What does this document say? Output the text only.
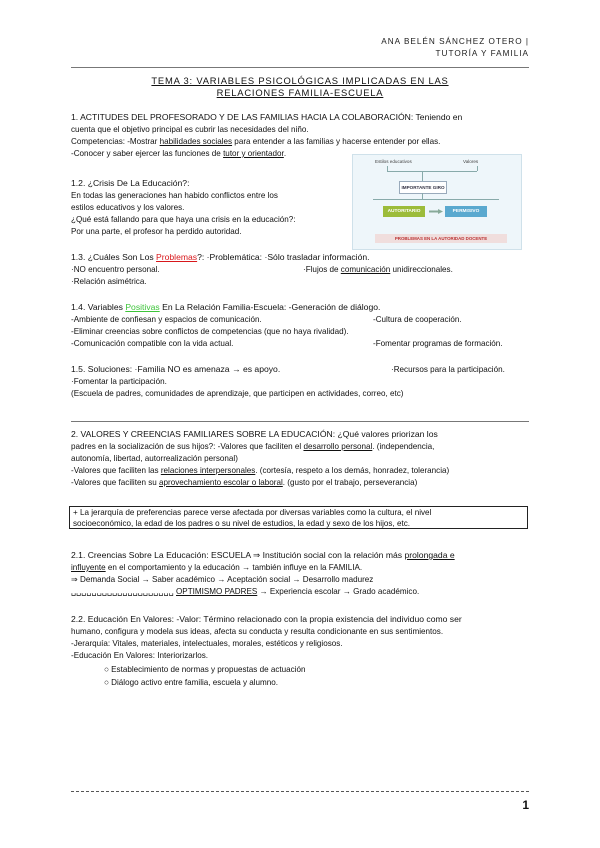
ANA BELÉN SÁNCHEZ OTERO |
TUTORÍA Y FAMILIA
TEMA 3: VARIABLES PSICOLÓGICAS IMPLICADAS EN LAS
RELACIONES FAMILIA-ESCUELA
1. ACTITUDES DEL PROFESORADO Y DE LAS FAMILIAS HACIA LA COLABORACIÓN: Teniendo en
cuenta que el objetivo principal es cubrir las necesidades del niño.
Competencias: -Mostrar habilidades sociales para entender a las familias y hacerse entender por ellas.
-Conocer y saber ejercer las funciones de tutor y orientador.
Estilos educativos	Valores
IMPORTANTE GIRO
AUTORITARIO	PERMISIVO
PROBLEMAS EN LA AUTORIDAD DOCENTE
1.2. ¿Crisis De La Educación?:
En todas las generaciones han habido conflictos entre los
estilos educativos y los valores.
¿Qué está fallando para que haya una crisis en la educación?:
Por una parte, el profesor ha perdido autoridad.
1.3. ¿Cuáles Son Los Problemas?: ·Problemática: ·Sólo trasladar información.
·NO encuentro personal.	·Flujos de comunicación unidireccionales.
·Relación asimétrica.
1.4. Variables Positivas En La Relación Familia-Escuela: -Generación de diálogo.
-Ambiente de confiesan y espacios de comunicación.	-Cultura de cooperación.
-Eliminar creencias sobre conflictos de competencias (que no haya rivalidad).
-Comunicación compatible con la vida actual.	-Fomentar programas de formación.
1.5. Soluciones: ·Familia NO es amenaza → es apoyo.	·Recursos para la participación.
·Fomentar la participación.
(Escuela de padres, comunidades de aprendizaje, que participen en actividades, correo, etc)
2. VALORES Y CREENCIAS FAMILIARES SOBRE LA EDUCACIÓN: ¿Qué valores priorizan los
padres en la socialización de sus hijos?: -Valores que faciliten el desarrollo personal. (independencia,
autonomía, libertad, autorrealización personal)
-Valores que faciliten las relaciones interpersonales. (cortesía, respeto a los demás, honradez, tolerancia)
-Valores que faciliten su aprovechamiento escolar o laboral. (gusto por el trabajo, perseverancia)
+ La jerarquía de preferencias parece verse afectada por diversas variables como la cultura, el nivel
socioeconómico, la edad de los padres o su nivel de estudios, la edad y sexo de los hijos, etc.
2.1. Creencias Sobre La Educación: ESCUELA ⇒ Institución social con la relación más prolongada e
influyente en el comportamiento y la educación → también influye en la FAMILIA.
⇒ Demanda Social → Saber académico → Aceptación social → Desarrollo madurez
␣␣␣␣␣␣␣␣␣␣␣␣␣␣␣␣␣␣␣␣ OPTIMISMO PADRES → Experiencia escolar → Grado académico.
2.2. Educación En Valores: -Valor: Término relacionado con la propia existencia del individuo como ser
humano, configura y modela sus ideas, afecta su conducta y resulta condicionante en sus sentimientos.
-Jerarquía: Vitales, materiales, intelectuales, morales, estéticos y religiosos.
-Educación En Valores: Interiorizarlos.
○ Establecimiento de normas y propuestas de actuación
○ Diálogo activo entre familia, escuela y alumno.
1
